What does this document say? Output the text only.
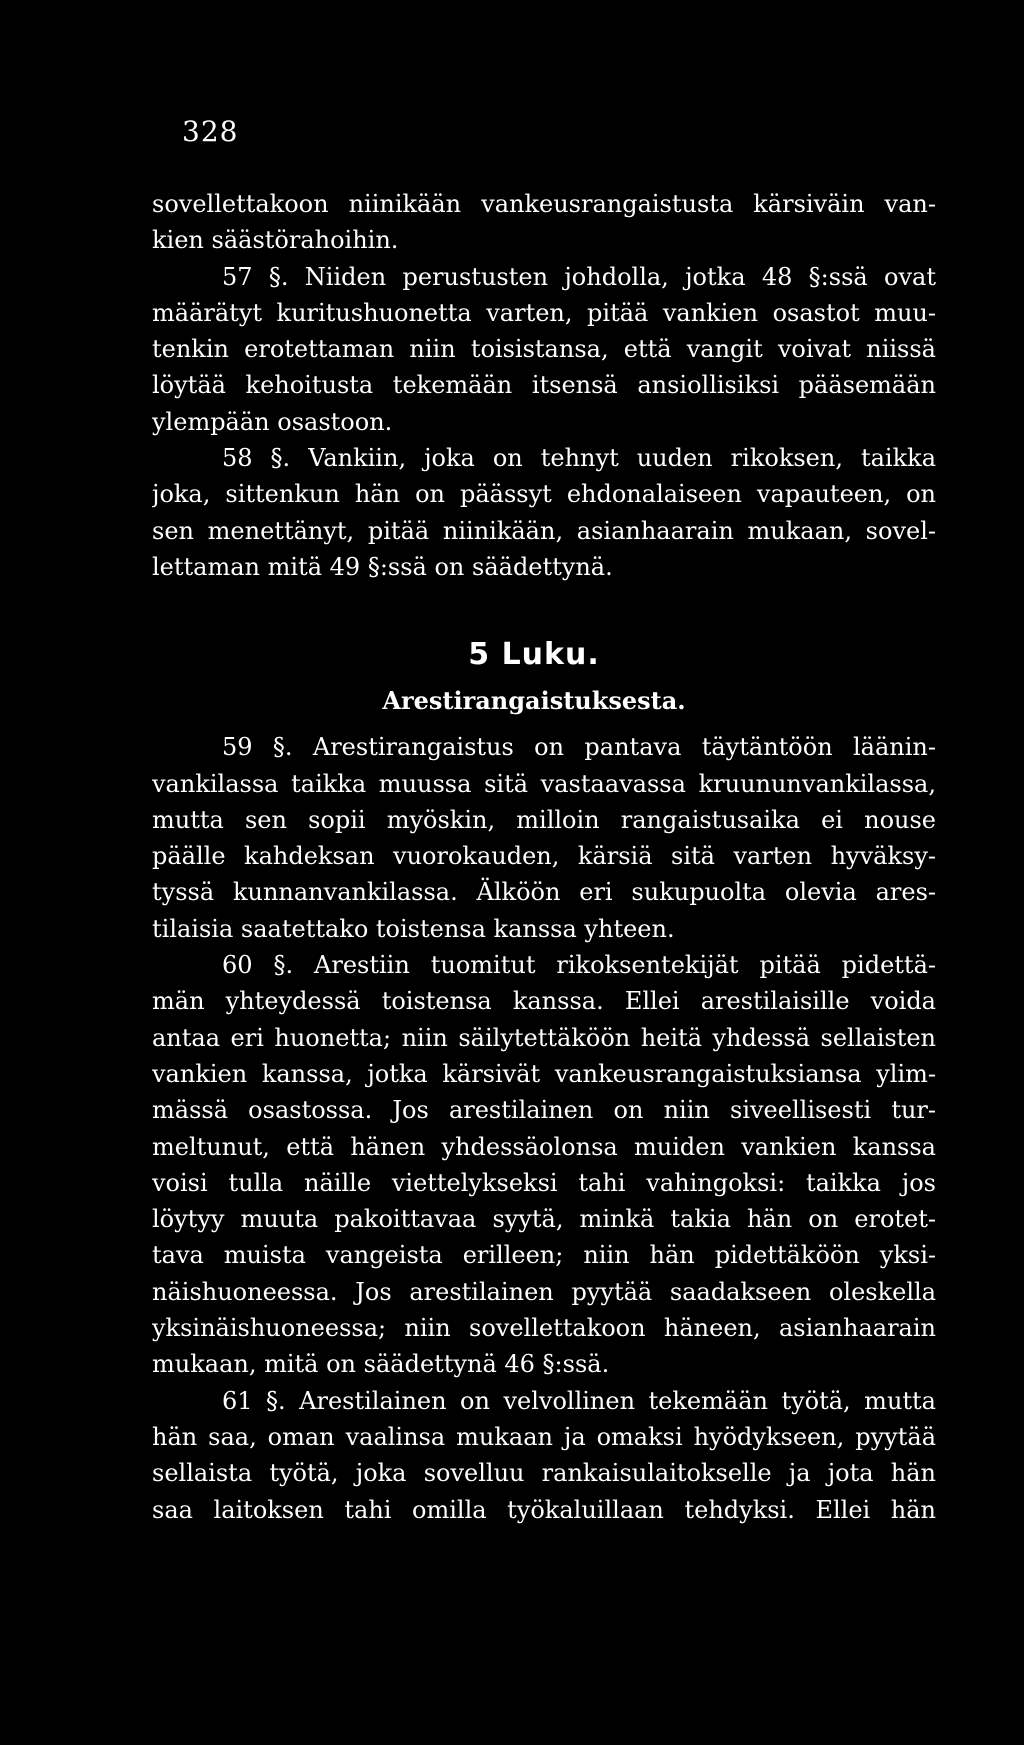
328
sovellettakoon niinikään vankeusrangaistusta kärsiväin van-
kien säästörahoihin.
57 §. Niiden perustusten johdolla, jotka 48 §:ssä ovat
määrätyt kuritushuonetta varten, pitää vankien osastot muu-
tenkin erotettaman niin toisistansa, että vangit voivat niissä
löytää kehoitusta tekemään itsensä ansiollisiksi pääsemään
ylempään osastoon.
58 §. Vankiin, joka on tehnyt uuden rikoksen, taikka
joka, sittenkun hän on päässyt ehdonalaiseen vapauteen, on
sen menettänyt, pitää niinikään, asianhaarain mukaan, sovel-
lettaman mitä 49 §:ssä on säädettynä.
5 Luku.
Arestirangaistuksesta.
59 §. Arestirangaistus on pantava täytäntöön läänin-
vankilassa taikka muussa sitä vastaavassa kruununvankilassa,
mutta sen sopii myöskin, milloin rangaistusaika ei nouse
päälle kahdeksan vuorokauden, kärsiä sitä varten hyväksy-
tyssä kunnanvankilassa. Älköön eri sukupuolta olevia ares-
tilaisia saatettako toistensa kanssa yhteen.
60 §. Arestiin tuomitut rikoksentekijät pitää pidettä-
män yhteydessä toistensa kanssa. Ellei arestilaisille voida
antaa eri huonetta; niin säilytettäköön heitä yhdessä sellaisten
vankien kanssa, jotka kärsivät vankeusrangaistuksiansa ylim-
mässä osastossa. Jos arestilainen on niin siveellisesti tur-
meltunut, että hänen yhdessäolonsa muiden vankien kanssa
voisi tulla näille viettelykseksi tahi vahingoksi: taikka jos
löytyy muuta pakoittavaa syytä, minkä takia hän on erotet-
tava muista vangeista erilleen; niin hän pidettäköön yksi-
näishuoneessa. Jos arestilainen pyytää saadakseen oleskella
yksinäishuoneessa; niin sovellettakoon häneen, asianhaarain
mukaan, mitä on säädettynä 46 §:ssä.
61 §. Arestilainen on velvollinen tekemään työtä, mutta
hän saa, oman vaalinsa mukaan ja omaksi hyödykseen, pyytää
sellaista työtä, joka sovelluu rankaisulaitokselle ja jota hän
saa laitoksen tahi omilla työkaluillaan tehdyksi. Ellei hän
